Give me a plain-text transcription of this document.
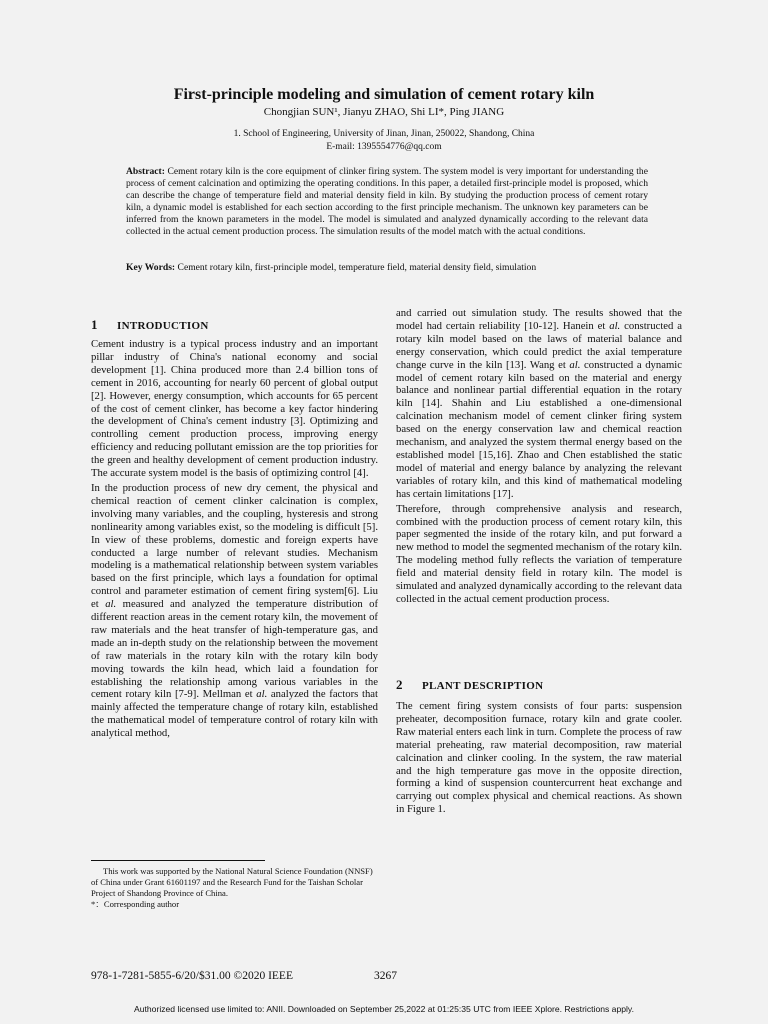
First-principle modeling and simulation of cement rotary kiln
Chongjian SUN¹, Jianyu ZHAO, Shi LI*, Ping JIANG
1. School of Engineering, University of Jinan, Jinan, 250022, Shandong, China
E-mail: 1395554776@qq.com
Abstract: Cement rotary kiln is the core equipment of clinker firing system. The system model is very important for understanding the process of cement calcination and optimizing the operating conditions. In this paper, a detailed first-principle model is proposed, which can describe the change of temperature field and material density field in kiln. By studying the production process of cement rotary kiln, a dynamic model is established for each section according to the first principle mechanism. The unknown key parameters can be inferred from the known parameters in the model. The model is simulated and analyzed dynamically according to the relevant data collected in the actual cement production process. The simulation results of the model match with the actual conditions.
Key Words: Cement rotary kiln, first-principle model, temperature field, material density field, simulation
1 INTRODUCTION

Cement industry is a typical process industry and an important pillar industry of China's national economy and social development [1]. China produced more than 2.4 billion tons of cement in 2016, accounting for nearly 60 percent of global output [2]. However, energy consumption, which accounts for 65 percent of the cost of cement clinker, has become a key factor hindering the development of China's cement industry [3]. Optimizing and controlling cement production process, improving energy efficiency and reducing pollutant emission are the top priorities for the green and healthy development of cement production industry. The accurate system model is the basis of optimizing control [4].

In the production process of new dry cement, the physical and chemical reaction of cement clinker calcination is complex, involving many variables, and the coupling, hysteresis and strong nonlinearity among variables exist, so the modeling is difficult [5]. In view of these problems, domestic and foreign experts have conducted a large number of relevant studies. Mechanism modeling is a mathematical relationship between system variables based on the first principle, which lays a foundation for optimal control and parameter estimation of cement firing system[6]. Liu et al. measured and analyzed the temperature distribution of different reaction areas in the cement rotary kiln, the movement of raw materials and the heat transfer of high-temperature gas, and made an in-depth study on the relationship between the movement of raw materials in the rotary kiln with the rotary kiln body moving towards the kiln head, which laid a foundation for establishing the relationship among various variables in the cement rotary kiln [7-9]. Mellman et al. analyzed the factors that mainly affected the temperature change of rotary kiln, established the mathematical model of temperature control of rotary kiln with analytical method,

and carried out simulation study. The results showed that the model had certain reliability [10-12]. Hanein et al. constructed a rotary kiln model based on the laws of material balance and energy conservation, which could predict the axial temperature change curve in the kiln [13]. Wang et al. constructed a dynamic model of cement rotary kiln based on the material and energy balance and nonlinear partial differential equation in the rotary kiln [14]. Shahin and Liu established a one-dimensional calcination mechanism model of cement clinker firing system based on the energy conservation law and chemical reaction mechanism, and analyzed the system thermal energy based on the established model [15,16]. Zhao and Chen established the static model of material and energy balance by analyzing the relevant variables of rotary kiln, and this kind of mathematical modeling has certain limitations [17].

Therefore, through comprehensive analysis and research, combined with the production process of cement rotary kiln, this paper segmented the inside of the rotary kiln, and put forward a new method to model the segmented mechanism of the rotary kiln. The modeling method fully reflects the variation of temperature field and material density field in rotary kiln. The model is simulated and analyzed dynamically according to the relevant data collected in the actual cement production process.

2 PLANT DESCRIPTION

The cement firing system consists of four parts: suspension preheater, decomposition furnace, rotary kiln and grate cooler. Raw material enters each link in turn. Complete the process of raw material preheating, raw material decomposition, raw material calcination and clinker cooling. In the system, the raw material and the high temperature gas move in the opposite direction, forming a kind of suspension countercurrent heat exchange and carrying out complex physical and chemical reactions. As shown in Figure 1.

This work was supported by the National Natural Science Foundation (NNSF) of China under Grant 61601197 and the Research Fund for the Taishan Scholar Project of Shandong Province of China.

*：Corresponding author

978-1-7281-5855-6/20/$31.00 ©2020 IEEE	3267
Authorized licensed use limited to: ANII. Downloaded on September 25,2022 at 01:25:35 UTC from IEEE Xplore. Restrictions apply.
